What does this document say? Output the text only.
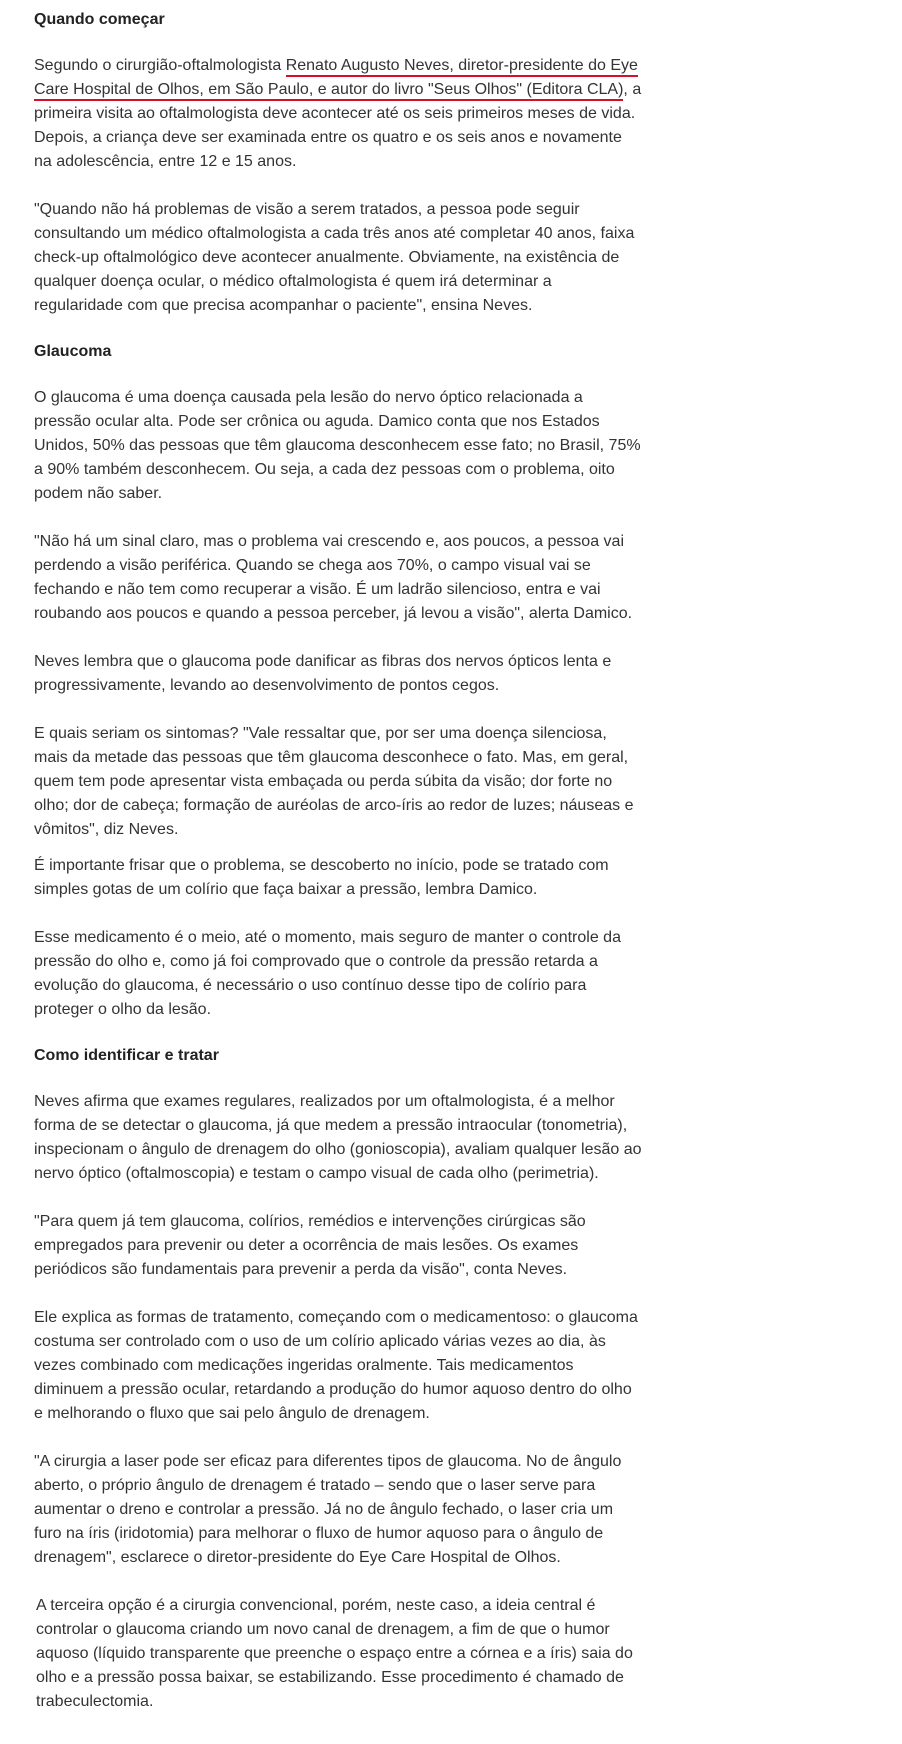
Quando começar

Segundo o cirurgião-oftalmologista Renato Augusto Neves, diretor-presidente do Eye Care Hospital de Olhos, em São Paulo, e autor do livro "Seus Olhos" (Editora CLA), a primeira visita ao oftalmologista deve acontecer até os seis primeiros meses de vida. Depois, a criança deve ser examinada entre os quatro e os seis anos e novamente na adolescência, entre 12 e 15 anos.

"Quando não há problemas de visão a serem tratados, a pessoa pode seguir consultando um médico oftalmologista a cada três anos até completar 40 anos, faixa check-up oftalmológico deve acontecer anualmente. Obviamente, na existência de qualquer doença ocular, o médico oftalmologista é quem irá determinar a regularidade com que precisa acompanhar o paciente", ensina Neves.

Glaucoma

O glaucoma é uma doença causada pela lesão do nervo óptico relacionada a pressão ocular alta. Pode ser crônica ou aguda. Damico conta que nos Estados Unidos, 50% das pessoas que têm glaucoma desconhecem esse fato; no Brasil, 75% a 90% também desconhecem. Ou seja, a cada dez pessoas com o problema, oito podem não saber.

"Não há um sinal claro, mas o problema vai crescendo e, aos poucos, a pessoa vai perdendo a visão periférica. Quando se chega aos 70%, o campo visual vai se fechando e não tem como recuperar a visão. É um ladrão silencioso, entra e vai roubando aos poucos e quando a pessoa perceber, já levou a visão", alerta Damico.

Neves lembra que o glaucoma pode danificar as fibras dos nervos ópticos lenta e progressivamente, levando ao desenvolvimento de pontos cegos.

E quais seriam os sintomas? "Vale ressaltar que, por ser uma doença silenciosa, mais da metade das pessoas que têm glaucoma desconhece o fato. Mas, em geral, quem tem pode apresentar vista embaçada ou perda súbita da visão; dor forte no olho; dor de cabeça; formação de auréolas de arco-íris ao redor de luzes; náuseas e vômitos", diz Neves.

É importante frisar que o problema, se descoberto no início, pode se tratado com simples gotas de um colírio que faça baixar a pressão, lembra Damico.

Esse medicamento é o meio, até o momento, mais seguro de manter o controle da pressão do olho e, como já foi comprovado que o controle da pressão retarda a evolução do glaucoma, é necessário o uso contínuo desse tipo de colírio para proteger o olho da lesão.

Como identificar e tratar

Neves afirma que exames regulares, realizados por um oftalmologista, é a melhor forma de se detectar o glaucoma, já que medem a pressão intraocular (tonometria), inspecionam o ângulo de drenagem do olho (gonioscopia), avaliam qualquer lesão ao nervo óptico (oftalmoscopia) e testam o campo visual de cada olho (perimetria).

"Para quem já tem glaucoma, colírios, remédios e intervenções cirúrgicas são empregados para prevenir ou deter a ocorrência de mais lesões. Os exames periódicos são fundamentais para prevenir a perda da visão", conta Neves.

Ele explica as formas de tratamento, começando com o medicamentoso: o glaucoma costuma ser controlado com o uso de um colírio aplicado várias vezes ao dia, às vezes combinado com medicações ingeridas oralmente. Tais medicamentos diminuem a pressão ocular, retardando a produção do humor aquoso dentro do olho e melhorando o fluxo que sai pelo ângulo de drenagem.

"A cirurgia a laser pode ser eficaz para diferentes tipos de glaucoma. No de ângulo aberto, o próprio ângulo de drenagem é tratado – sendo que o laser serve para aumentar o dreno e controlar a pressão. Já no de ângulo fechado, o laser cria um furo na íris (iridotomia) para melhorar o fluxo de humor aquoso para o ângulo de drenagem", esclarece o diretor-presidente do Eye Care Hospital de Olhos.

A terceira opção é a cirurgia convencional, porém, neste caso, a ideia central é controlar o glaucoma criando um novo canal de drenagem, a fim de que o humor aquoso (líquido transparente que preenche o espaço entre a córnea e a íris) saia do olho e a pressão possa baixar, se estabilizando. Esse procedimento é chamado de trabeculectomia.
